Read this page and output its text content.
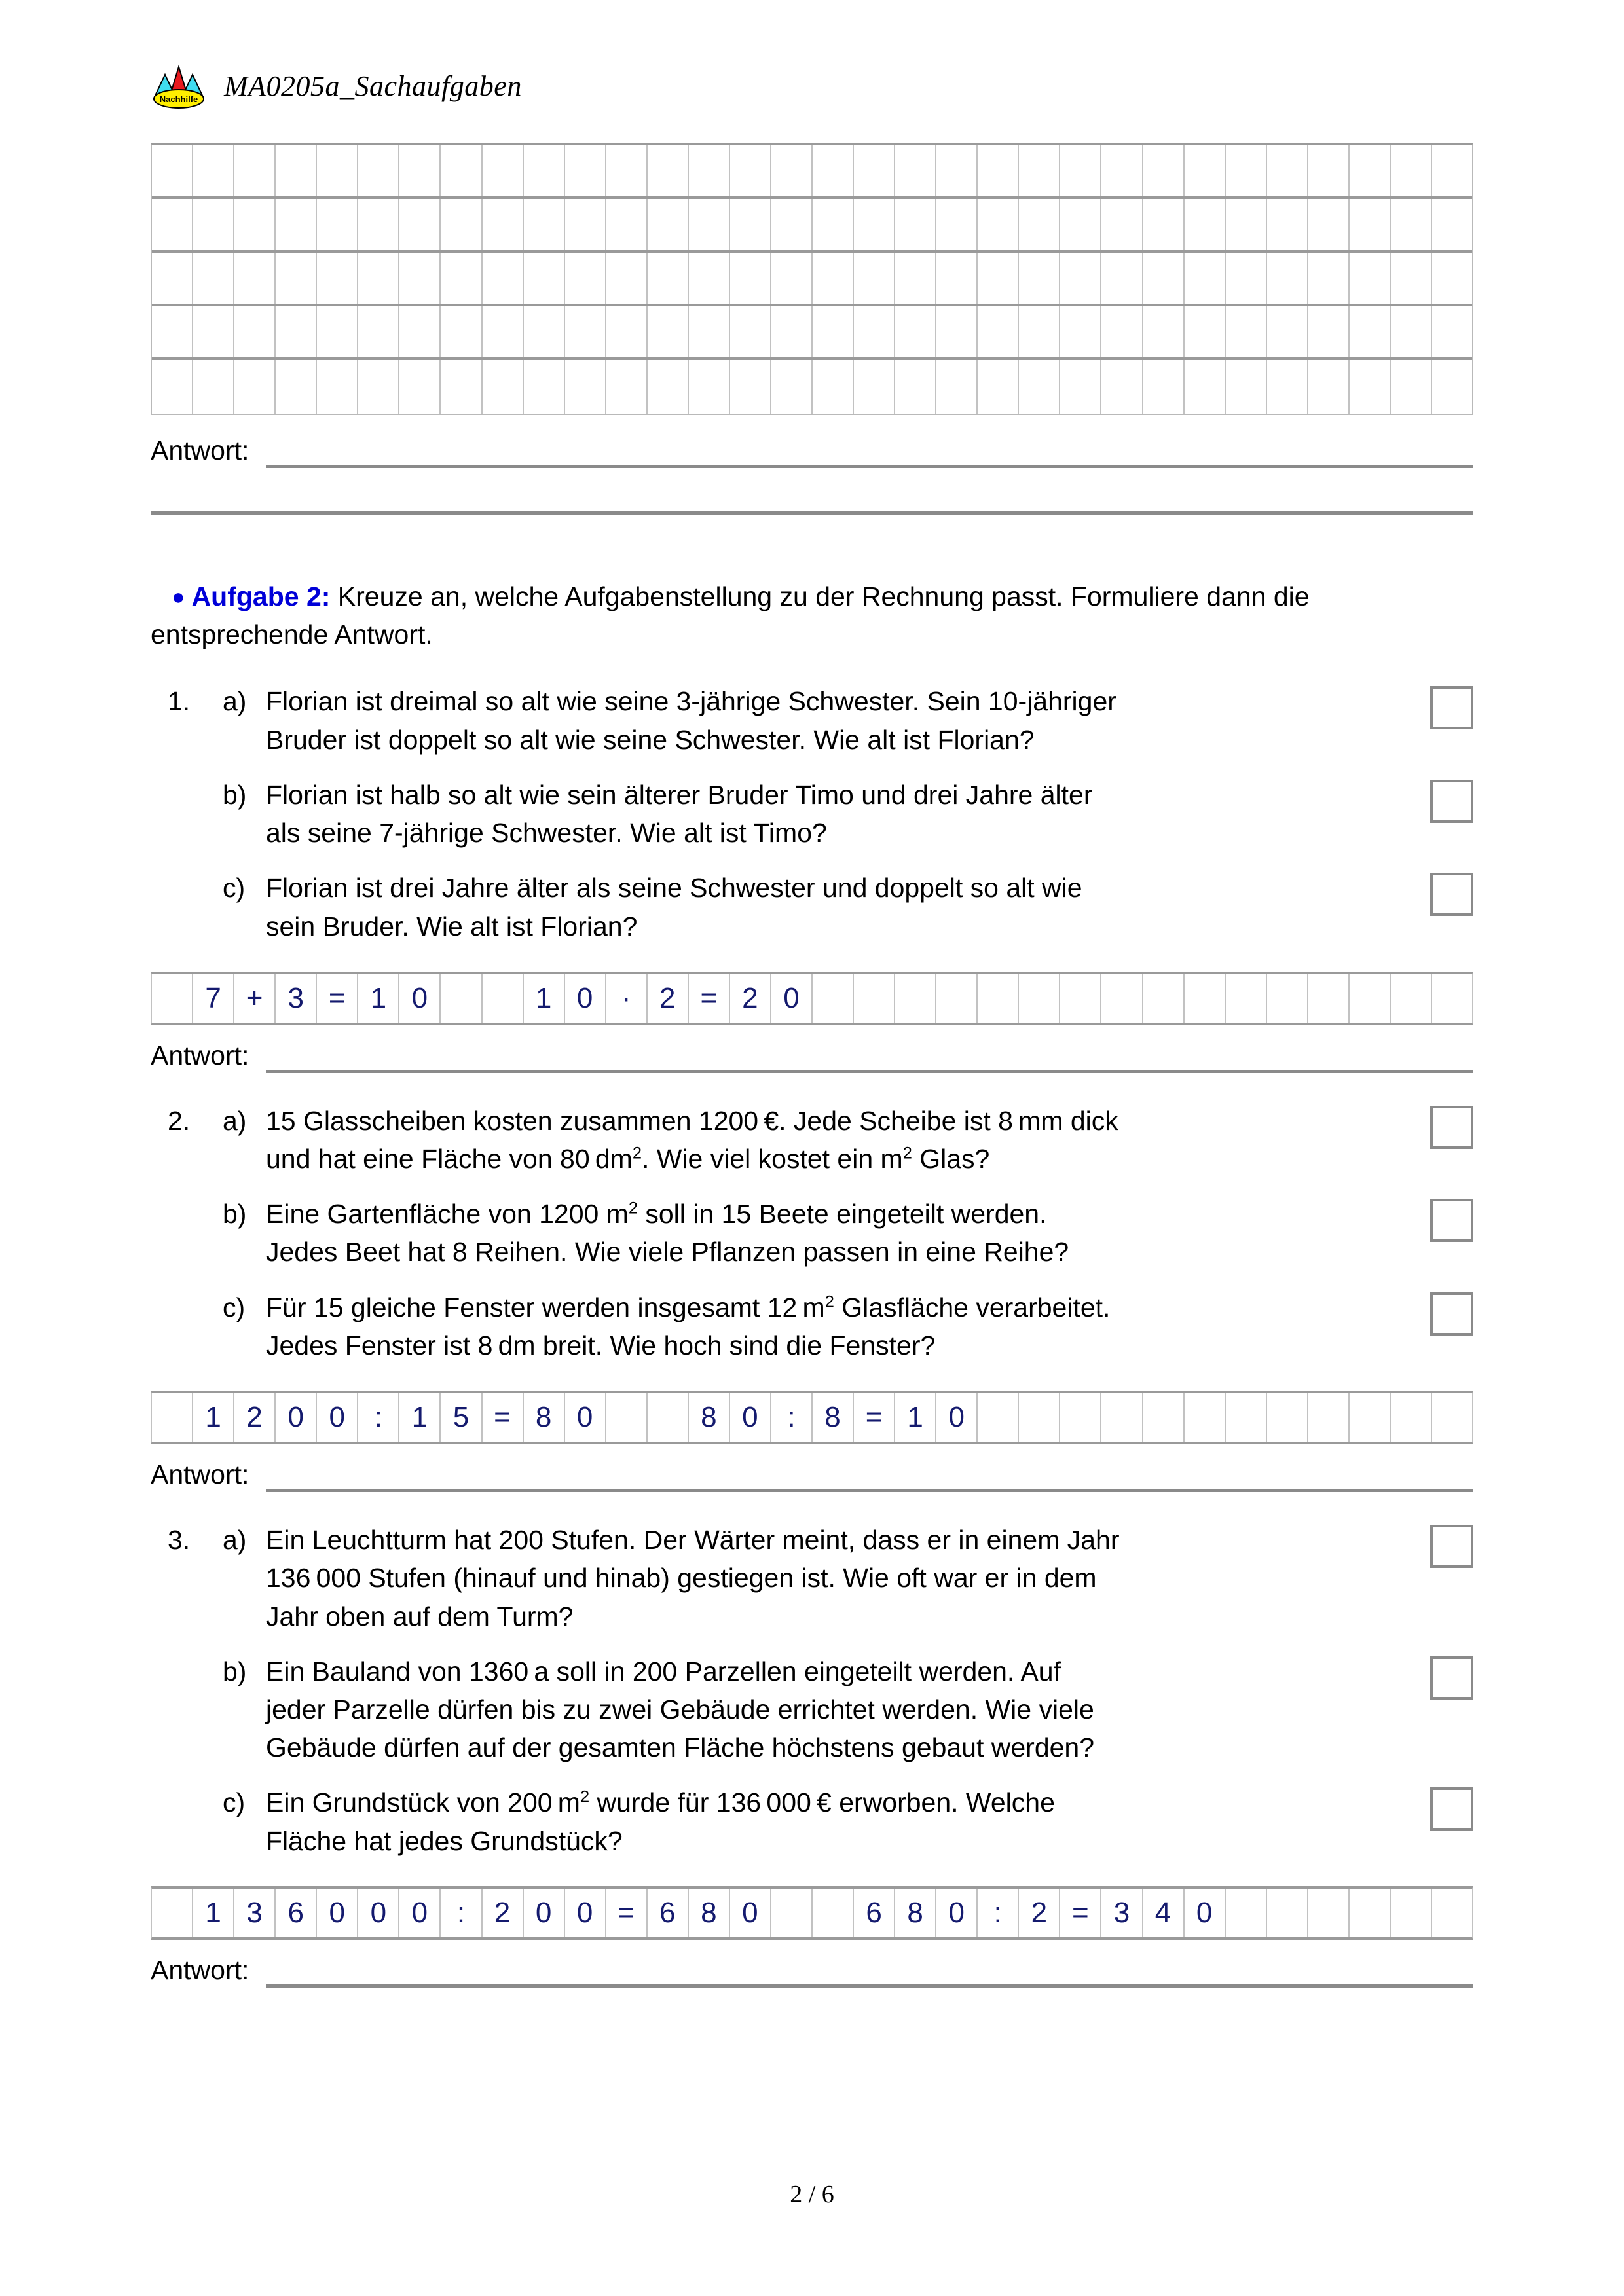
Nachhilfe MA0205a_Sachaufgaben
Antwort:
● Aufgabe 2: Kreuze an, welche Aufgabenstellung zu der Rechnung passt. Formuliere dann die entsprechende Antwort.
1.	a) Florian ist dreimal so alt wie seine 3-jährige Schwester. Sein 10-jähriger

Bruder ist doppelt so alt wie seine Schwester. Wie alt ist Florian?

b) Florian ist halb so alt wie sein älterer Bruder Timo und drei Jahre älter

als seine 7-jährige Schwester. Wie alt ist Timo?

c) Florian ist drei Jahre älter als seine Schwester und doppelt so alt wie

sein Bruder. Wie alt ist Florian?

7 + 3 = 1 0	1 0 · 2 = 2 0
Antwort:
2.	a) 15 Glasscheiben kosten zusammen 1200 €. Jede Scheibe ist 8 mm dick

und hat eine Fläche von 80 $dm^2$. Wie viel kostet ein $m^2$ Glas?

b) Eine Gartenfläche von 1200 $m^2$ soll in 15 Beete eingeteilt werden.

Jedes Beet hat 8 Reihen. Wie viele Pflanzen passen in eine Reihe?

c) Für 15 gleiche Fenster werden insgesamt 12 $m^2$ Glasfläche verarbeitet.

Jedes Fenster ist 8 dm breit. Wie hoch sind die Fenster?

1 2 0 0	:	1 5 = 8 0	8 0	:	8 = 1 0
Antwort:
3.	a) Ein Leuchtturm hat 200 Stufen. Der Wärter meint, dass er in einem Jahr

136 000 Stufen (hinauf und hinab) gestiegen ist. Wie oft war er in dem

Jahr oben auf dem Turm?

b) Ein Bauland von 1360 a soll in 200 Parzellen eingeteilt werden. Auf

jeder Parzelle dürfen bis zu zwei Gebäude errichtet werden. Wie viele

Gebäude dürfen auf der gesamten Fläche höchstens gebaut werden?

c) Ein Grundstück von 200 $m^2$ wurde für 136 000 € erworben. Welche

Fläche hat jedes Grundstück?

1 3 6 0 0 0	:	2 0 0 = 6 8 0	6 8 0	:	2 = 3 4 0
Antwort:
2 / 6
